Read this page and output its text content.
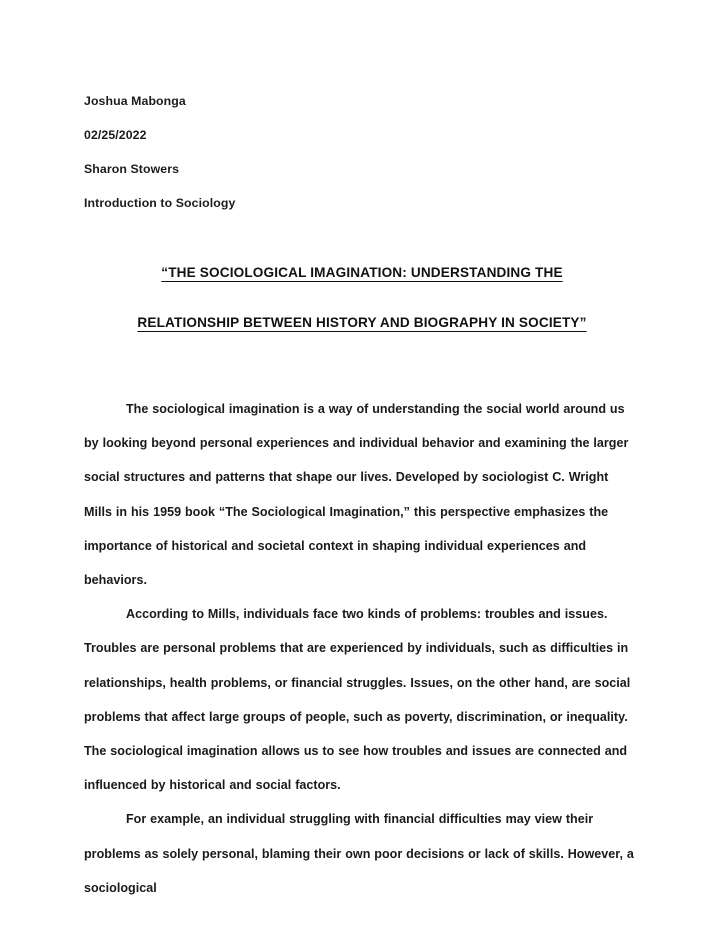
Joshua Mabonga
02/25/2022
Sharon Stowers
Introduction to Sociology
“THE SOCIOLOGICAL IMAGINATION: UNDERSTANDING THE
RELATIONSHIP BETWEEN HISTORY AND BIOGRAPHY IN SOCIETY”

The sociological imagination is a way of understanding the social world around us by looking beyond personal experiences and individual behavior and examining the larger social structures and patterns that shape our lives. Developed by sociologist C. Wright Mills in his 1959 book “The Sociological Imagination,” this perspective emphasizes the importance of historical and societal context in shaping individual experiences and behaviors.

According to Mills, individuals face two kinds of problems: troubles and issues. Troubles are personal problems that are experienced by individuals, such as difficulties in relationships, health problems, or financial struggles. Issues, on the other hand, are social problems that affect large groups of people, such as poverty, discrimination, or inequality. The sociological imagination allows us to see how troubles and issues are connected and influenced by historical and social factors.

For example, an individual struggling with financial difficulties may view their problems as solely personal, blaming their own poor decisions or lack of skills. However, a sociological
